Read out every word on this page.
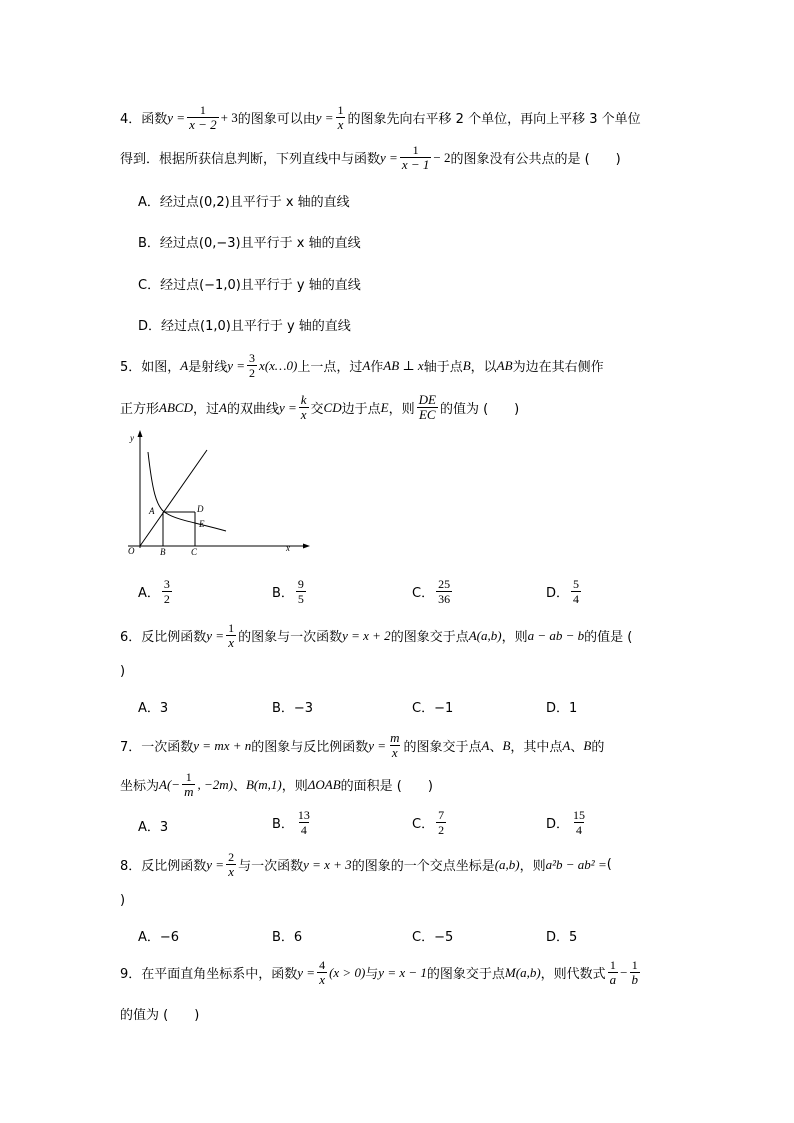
4．函数 $y = \frac{1}{x - 2} + 3$ 的图象可以由 $y = \frac{1}{x}$ 的图象先向右平移 2 个单位，再向上平移 3 个单位
得到．根据所获信息判断，下列直线中与函数 $y = \frac{1}{x - 1} - 2$ 的图象没有公共点的是 (　　)
A．经过点(0,2)且平行于 x 轴的直线
B．经过点(0,−3)且平行于 x 轴的直线
C．经过点(−1,0)且平行于 y 轴的直线
D．经过点(1,0)且平行于 y 轴的直线
5．如图， A 是射线 $y = \frac{3}{2}$ x(x…0) 上一点，过 A 作 AB ⊥ x 轴于点 B ，以 AB 为边在其右侧作
正方形 ABCD ，过 A 的双曲线 $y = \frac{k}{x}$ 交 CD 边于点 E ，则 $\frac{DE}{EC}$ 的值为 (　　)
y
A	D
E
O	B	C	x
A． $\frac{3}{2}$	B． $\frac{9}{5}$	C． $\frac{25}{36}$	D． $\frac{5}{4}$
6．反比例函数 $y = \frac{1}{x}$ 的图象与一次函数 y = x + 2 的图象交于点 A(a,b) ，则 a − ab − b 的值是 (
)
A．3	B．−3	C．−1	D．1
7．一次函数 y = mx + n 的图象与反比例函数 $y = \frac{m}{x}$ 的图象交于点 A 、 B ，其中点 A 、 B 的
坐标为 $A(- \frac{1}{m}$ , −2m) 、 B(m,1) ，则 ΔOAB 的面积是 (　　)
A．3	B． $\frac{13}{4}$	C． $\frac{7}{2}$	D． $\frac{15}{4}$
8．反比例函数 $y = \frac{2}{x}$ 与一次函数 y = x + 3 的图象的一个交点坐标是 (a,b) ，则 a²b − ab² = (
)
A．−6	B．6	C．−5	D．5
9．在平面直角坐标系中，函数 $y = \frac{4}{x} (x > 0)$ 与 y = x − 1 的图象交于点 M(a,b) ，则代数式 $\frac{1}{a} - \frac{1}{b}$
的值为 (　　)
